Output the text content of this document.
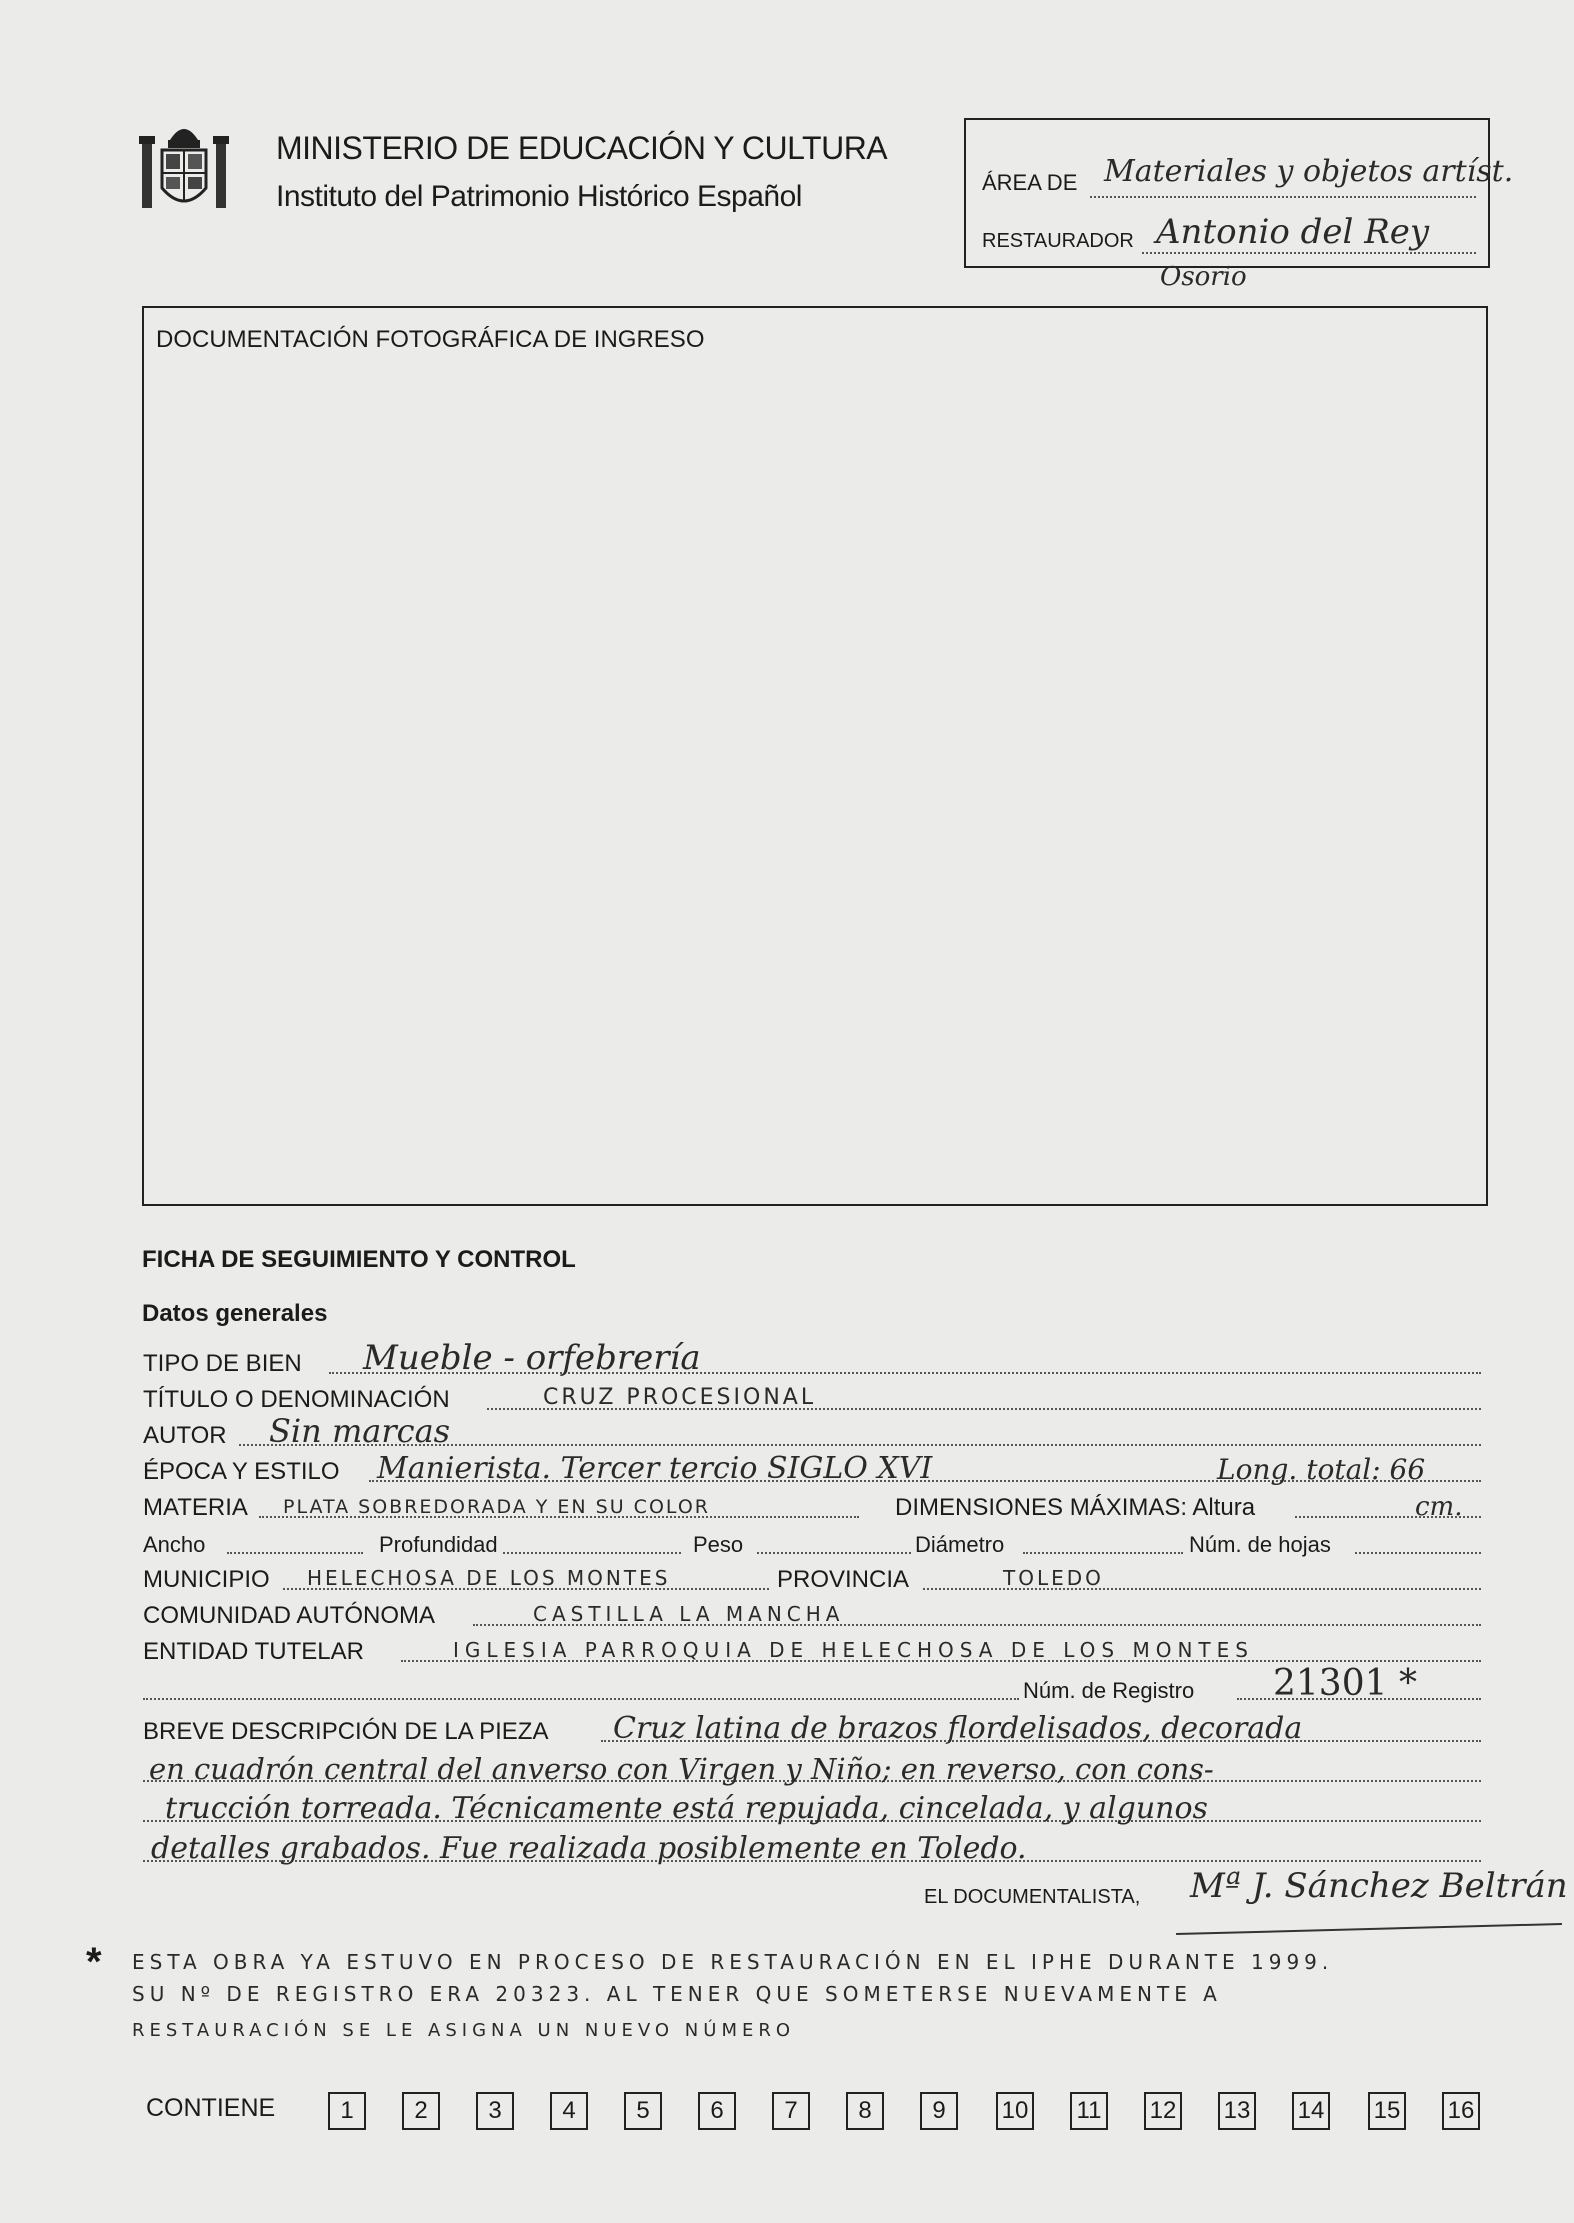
MINISTERIO DE EDUCACIÓN Y CULTURA
Instituto del Patrimonio Histórico Español	ÁREA DE Materiales y objetos artíst.
RESTAURADOR Antonio del Rey
Osorio
DOCUMENTACIÓN FOTOGRÁFICA DE INGRESO
FICHA DE SEGUIMIENTO Y CONTROL
Datos generales
TIPO DE BIEN Mueble - orfebrería
TÍTULO O DENOMINACIÓN	CRUZ PROCESIONAL
AUTOR Sin marcas
ÉPOCA Y ESTILO Manierista. Tercer tercio SIGLO XVI	Long. total: 66
MATERIA PLATA SOBREDORADA Y EN SU COLOR	DIMENSIONES MÁXIMAS: Altura	cm.
Ancho	Profundidad	Peso	Diámetro	Núm. de hojas
MUNICIPIO HELECHOSA DE LOS MONTES	PROVINCIA	TOLEDO
COMUNIDAD AUTÓNOMA	CASTILLA LA MANCHA
ENTIDAD TUTELAR	IGLESIA PARROQUIA DE HELECHOSA DE LOS MONTES
Núm. de Registro 21301 *
BREVE DESCRIPCIÓN DE LA PIEZA Cruz latina de brazos flordelisados, decorada
en cuadrón central del anverso con Virgen y Niño; en reverso, con cons-
trucción torreada. Técnicamente está repujada, cincelada, y algunos
detalles grabados. Fue realizada posiblemente en Toledo.
EL DOCUMENTALISTA, Mª J. Sánchez Beltrán
* ESTA OBRA YA ESTUVO EN PROCESO DE RESTAURACIÓN EN EL IPHE DURANTE 1999.
SU Nº DE REGISTRO ERA 20323. AL TENER QUE SOMETERSE NUEVAMENTE A
RESTAURACIÓN SE LE ASIGNA UN NUEVO NÚMERO
CONTIENE	1	2	3	4	5	6	7	8	9	10 11 12 13 14 15 16
